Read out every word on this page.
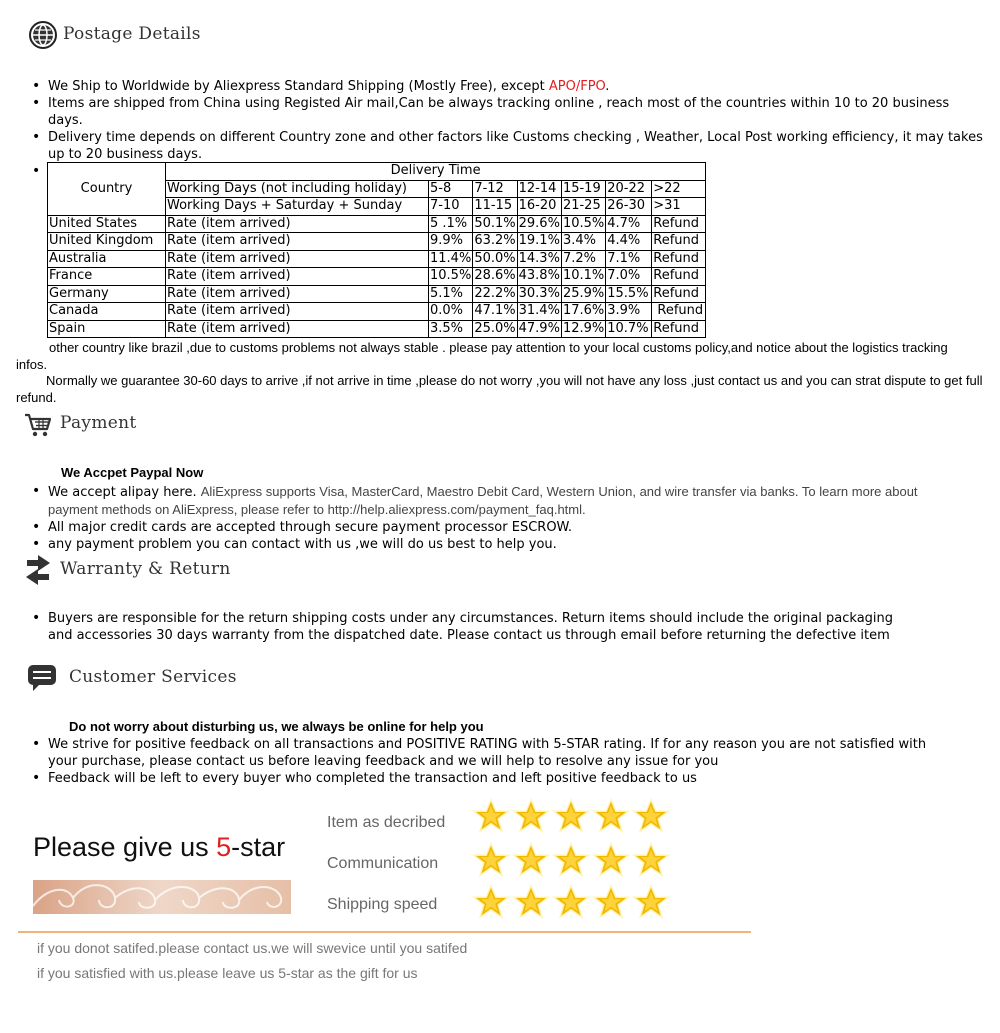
Postage Details
• We Ship to Worldwide by Aliexpress Standard Shipping (Mostly Free), except APO/FPO.
• Items are shipped from China using Registed Air mail,Can be always tracking online , reach most of the countries within 10 to 20 business days.
• Delivery time depends on different Country zone and other factors like Customs checking , Weather, Local Post working efficiency, it may takes up to 20 business days.
•
Country	Delivery Time						
	Working Days (not including holiday)	5-8	7-12	12-14	15-19	20-22	>22
	Working Days + Saturday + Sunday	7-10	11-15	16-20	21-25	26-30	>31
United States	Rate (item arrived)	5 .1%	50.1%	29.6%	10.5%	4.7%	Refund
United Kingdom	Rate (item arrived)	9.9%	63.2%	19.1%	3.4%	4.4%	Refund
Australia	Rate (item arrived)	11.4%	50.0%	14.3%	7.2%	7.1%	Refund
France	Rate (item arrived)	10.5%	28.6%	43.8%	10.1%	7.0%	Refund
Germany	Rate (item arrived)	5.1%	22.2%	30.3%	25.9%	15.5%	Refund
Canada	Rate (item arrived)	0.0%	47.1%	31.4%	17.6%	3.9%	Refund
Spain	Rate (item arrived)	3.5%	25.0%	47.9%	12.9%	10.7%	Refund
other country like brazil ,due to customs problems not always stable . please pay attention to your local customs policy,and notice about the logistics tracking infos.
Normally we guarantee 30-60 days to arrive ,if not arrive in time ,please do not worry ,you will not have any loss ,just contact us and you can strat dispute to get full refund.
Payment
We Accpet Paypal Now
• We accept alipay here. AliExpress supports Visa, MasterCard, Maestro Debit Card, Western Union, and wire transfer via banks. To learn more about payment methods on AliExpress, please refer to http://help.aliexpress.com/payment_faq.html.
• All major credit cards are accepted through secure payment processor ESCROW.
• any payment problem you can contact with us ,we will do us best to help you.
Warranty & Return
• Buyers are responsible for the return shipping costs under any circumstances. Return items should include the original packaging and accessories 30 days warranty from the dispatched date. Please contact us through email before returning the defective item
Customer Services
Do not worry about disturbing us, we always be online for help you
• We strive for positive feedback on all transactions and POSITIVE RATING with 5-STAR rating. If for any reason you are not satisfied with your purchase, please contact us before leaving feedback and we will help to resolve any issue for you
• Feedback will be left to every buyer who completed the transaction and left positive feedback to us
Please give us 5-star
Item as decribed
Communication
Shipping speed
if you donot satifed.please contact us.we will swevice until you satifed
if you satisfied with us.please leave us 5-star as the gift for us
